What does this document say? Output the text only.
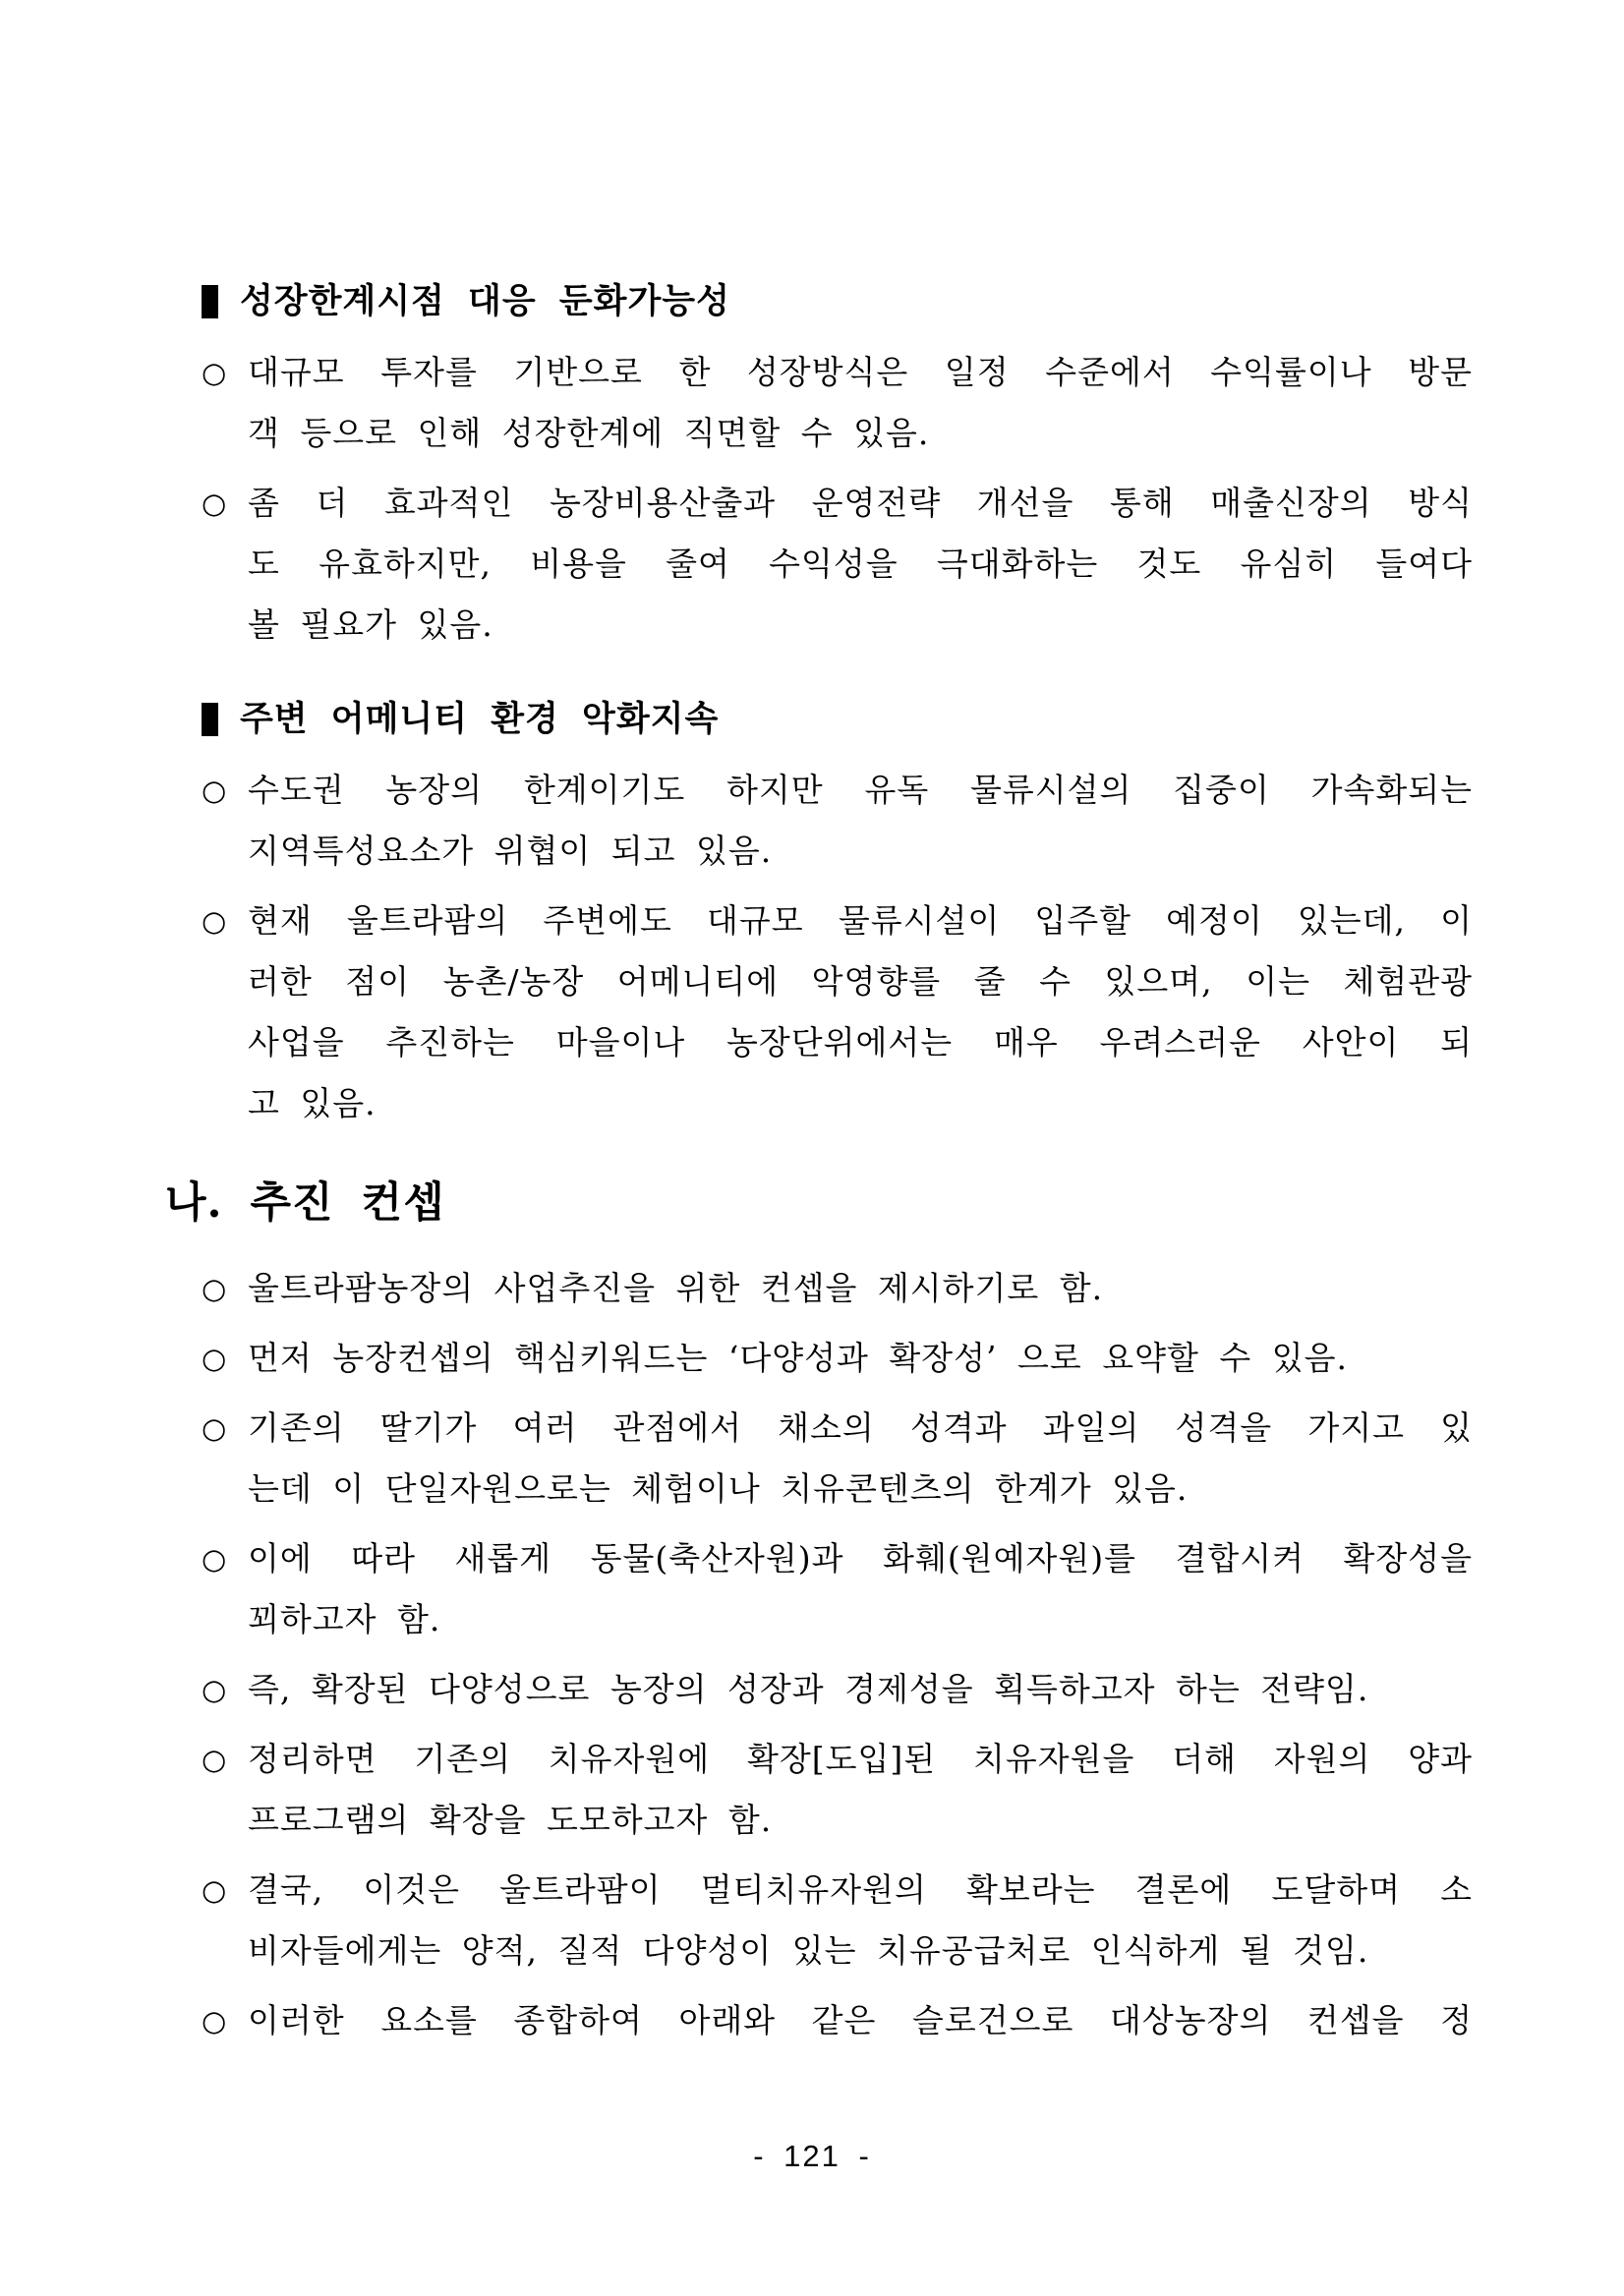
성장한계시점 대응 둔화가능성
○ 대규모 투자를 기반으로 한 성장방식은 일정 수준에서 수익률이나 방문
객 등으로 인해 성장한계에 직면할 수 있음.
○ 좀 더 효과적인 농장비용산출과 운영전략 개선을 통해 매출신장의 방식
도 유효하지만, 비용을 줄여 수익성을 극대화하는 것도 유심히 들여다
볼 필요가 있음.
주변 어메니티 환경 악화지속
○ 수도권 농장의 한계이기도 하지만 유독 물류시설의 집중이 가속화되는
지역특성요소가 위협이 되고 있음.
○ 현재 울트라팜의 주변에도 대규모 물류시설이 입주할 예정이 있는데, 이
러한 점이 농촌/농장 어메니티에 악영향를 줄 수 있으며, 이는 체험관광
사업을 추진하는 마을이나 농장단위에서는 매우 우려스러운 사안이 되
고 있음.
나. 추진 컨셉
○ 울트라팜농장의 사업추진을 위한 컨셉을 제시하기로 함.
○ 먼저 농장컨셉의 핵심키워드는 ‘다양성과 확장성’ 으로 요약할 수 있음.
○ 기존의 딸기가 여러 관점에서 채소의 성격과 과일의 성격을 가지고 있
는데 이 단일자원으로는 체험이나 치유콘텐츠의 한계가 있음.
○ 이에 따라 새롭게 동물(축산자원)과 화훼(원예자원)를 결합시켜 확장성을
꾀하고자 함.
○ 즉, 확장된 다양성으로 농장의 성장과 경제성을 획득하고자 하는 전략임.
○ 정리하면 기존의 치유자원에 확장[도입]된 치유자원을 더해 자원의 양과
프로그램의 확장을 도모하고자 함.
○ 결국, 이것은 울트라팜이 멀티치유자원의 확보라는 결론에 도달하며 소
비자들에게는 양적, 질적 다양성이 있는 치유공급처로 인식하게 될 것임.
○ 이러한 요소를 종합하여 아래와 같은 슬로건으로 대상농장의 컨셉을 정
- 121 -
